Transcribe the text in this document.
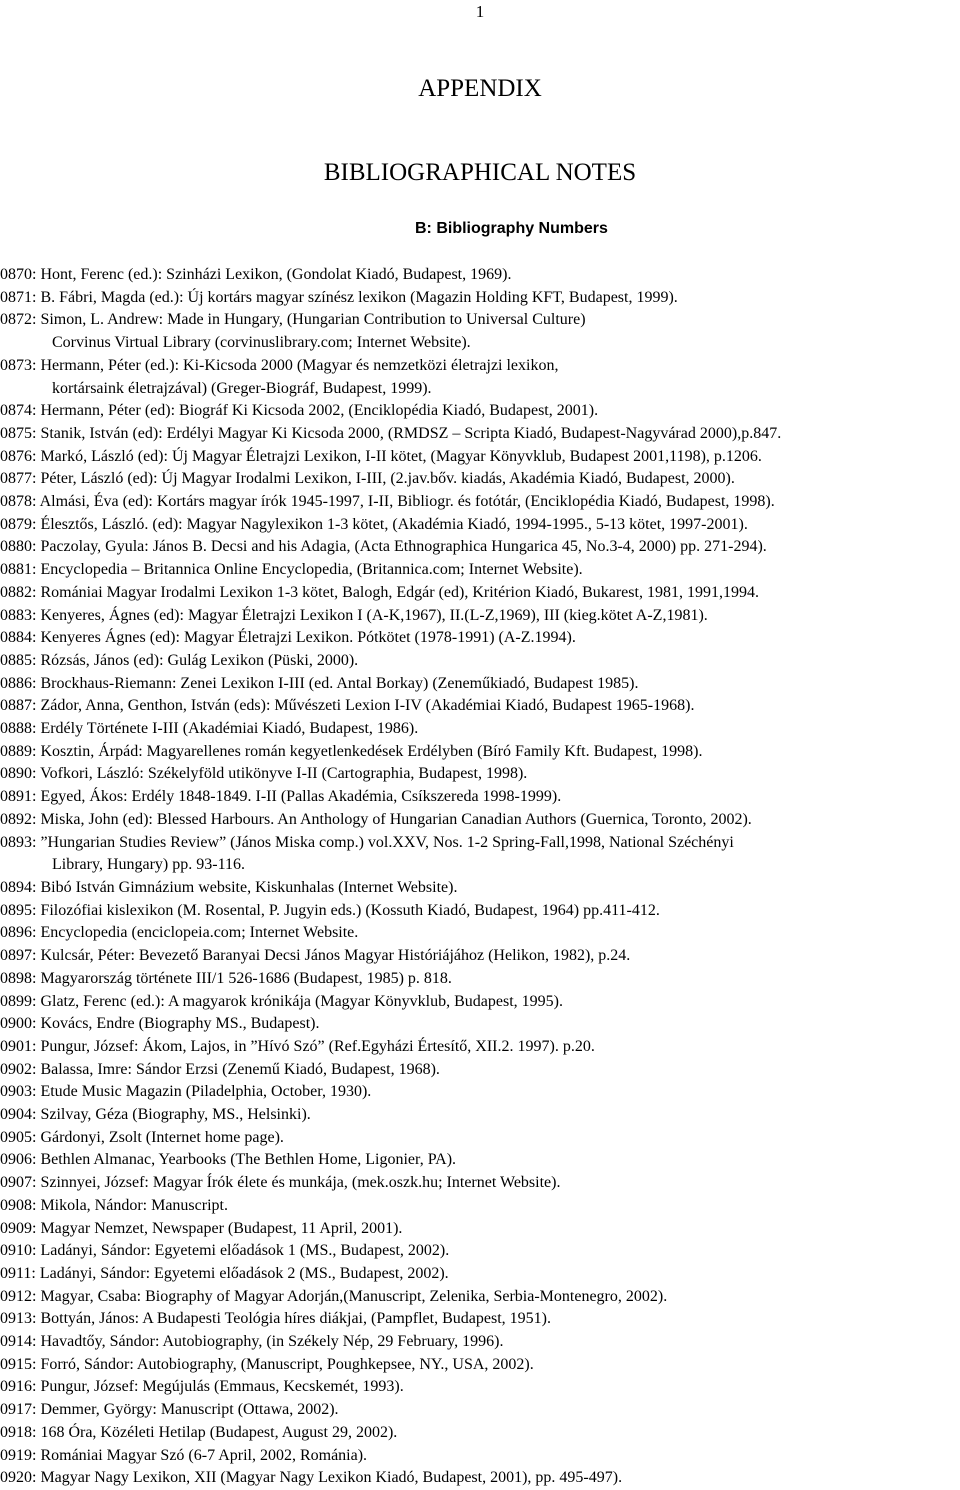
1
APPENDIX
BIBLIOGRAPHICAL NOTES
B: Bibliography Numbers
0870: Hont, Ferenc (ed.): Szinházi Lexikon, (Gondolat Kiadó, Budapest, 1969).
0871: B. Fábri, Magda (ed.): Új kortárs magyar színész lexikon (Magazin Holding KFT, Budapest, 1999).
0872: Simon, L. Andrew: Made in Hungary, (Hungarian Contribution to Universal Culture)
Corvinus Virtual Library (corvinuslibrary.com; Internet Website).
0873: Hermann, Péter (ed.): Ki-Kicsoda 2000 (Magyar és nemzetközi életrajzi lexikon,
kortársaink életrajzával) (Greger-Biográf, Budapest, 1999).
0874: Hermann, Péter (ed): Biográf Ki Kicsoda 2002, (Enciklopédia Kiadó, Budapest, 2001).
0875: Stanik, István (ed): Erdélyi Magyar Ki Kicsoda 2000, (RMDSZ – Scripta Kiadó, Budapest-Nagyvárad 2000),p.847.
0876: Markó, László (ed): Új Magyar Életrajzi Lexikon, I-II kötet, (Magyar Könyvklub, Budapest 2001,1198), p.1206.
0877: Péter, László (ed): Új Magyar Irodalmi Lexikon, I-III, (2.jav.bőv. kiadás, Akadémia Kiadó, Budapest, 2000).
0878: Almási, Éva (ed): Kortárs magyar írók 1945-1997, I-II, Bibliogr. és fotótár, (Enciklopédia Kiadó, Budapest, 1998).
0879: Élesztős, László. (ed): Magyar Nagylexikon 1-3 kötet, (Akadémia Kiadó, 1994-1995., 5-13 kötet, 1997-2001).
0880: Paczolay, Gyula: János B. Decsi and his Adagia, (Acta Ethnographica Hungarica 45, No.3-4, 2000) pp. 271-294).
0881: Encyclopedia – Britannica Online Encyclopedia, (Britannica.com; Internet Website).
0882: Romániai Magyar Irodalmi Lexikon 1-3 kötet, Balogh, Edgár (ed), Kritérion Kiadó, Bukarest, 1981, 1991,1994.
0883: Kenyeres, Ágnes (ed): Magyar Életrajzi Lexikon I (A-K,1967), II.(L-Z,1969), III (kieg.kötet A-Z,1981).
0884: Kenyeres Ágnes (ed): Magyar Életrajzi Lexikon. Pótkötet (1978-1991) (A-Z.1994).
0885: Rózsás, János (ed): Gulág Lexikon (Püski, 2000).
0886: Brockhaus-Riemann: Zenei Lexikon I-III (ed. Antal Borkay) (Zeneműkiadó, Budapest 1985).
0887: Zádor, Anna, Genthon, István (eds): Művészeti Lexion I-IV (Akadémiai Kiadó, Budapest 1965-1968).
0888: Erdély Története I-III (Akadémiai Kiadó, Budapest, 1986).
0889: Kosztin, Árpád: Magyarellenes román kegyetlenkedések Erdélyben (Bíró Family Kft. Budapest, 1998).
0890: Vofkori, László: Székelyföld utikönyve I-II (Cartographia, Budapest, 1998).
0891: Egyed, Ákos: Erdély 1848-1849. I-II (Pallas Akadémia, Csíkszereda 1998-1999).
0892: Miska, John (ed): Blessed Harbours. An Anthology of Hungarian Canadian Authors (Guernica, Toronto, 2002).
0893: ”Hungarian Studies Review” (János Miska comp.) vol.XXV, Nos. 1-2 Spring-Fall,1998, National Széchényi
Library, Hungary) pp. 93-116.
0894: Bibó István Gimnázium website, Kiskunhalas (Internet Website).
0895: Filozófiai kislexikon (M. Rosental, P. Jugyin eds.) (Kossuth Kiadó, Budapest, 1964) pp.411-412.
0896: Encyclopedia (enciclopeia.com; Internet Website.
0897: Kulcsár, Péter: Bevezető Baranyai Decsi János Magyar Históriájához (Helikon, 1982), p.24.
0898: Magyarország története III/1 526-1686 (Budapest, 1985) p. 818.
0899: Glatz, Ferenc (ed.): A magyarok krónikája (Magyar Könyvklub, Budapest, 1995).
0900: Kovács, Endre (Biography MS., Budapest).
0901: Pungur, József: Ákom, Lajos, in ”Hívó Szó” (Ref.Egyházi Értesítő, XII.2. 1997). p.20.
0902: Balassa, Imre: Sándor Erzsi (Zenemű Kiadó, Budapest, 1968).
0903: Etude Music Magazin (Piladelphia, October, 1930).
0904: Szilvay, Géza (Biography, MS., Helsinki).
0905: Gárdonyi, Zsolt (Internet home page).
0906: Bethlen Almanac, Yearbooks (The Bethlen Home, Ligonier, PA).
0907: Szinnyei, József: Magyar Írók élete és munkája, (mek.oszk.hu; Internet Website).
0908: Mikola, Nándor: Manuscript.
0909: Magyar Nemzet, Newspaper (Budapest, 11 April, 2001).
0910: Ladányi, Sándor: Egyetemi előadások 1 (MS., Budapest, 2002).
0911: Ladányi, Sándor: Egyetemi előadások 2 (MS., Budapest, 2002).
0912: Magyar, Csaba: Biography of Magyar Adorján,(Manuscript, Zelenika, Serbia-Montenegro, 2002).
0913: Bottyán, János: A Budapesti Teológia híres diákjai, (Pampflet, Budapest, 1951).
0914: Havadtőy, Sándor: Autobiography, (in Székely Nép, 29 February, 1996).
0915: Forró, Sándor: Autobiography, (Manuscript, Poughkepsee, NY., USA, 2002).
0916: Pungur, József: Megújulás (Emmaus, Kecskemét, 1993).
0917: Demmer, György: Manuscript (Ottawa, 2002).
0918: 168 Óra, Közéleti Hetilap (Budapest, August 29, 2002).
0919: Romániai Magyar Szó (6-7 April, 2002, Románia).
0920: Magyar Nagy Lexikon, XII (Magyar Nagy Lexikon Kiadó, Budapest, 2001), pp. 495-497).
